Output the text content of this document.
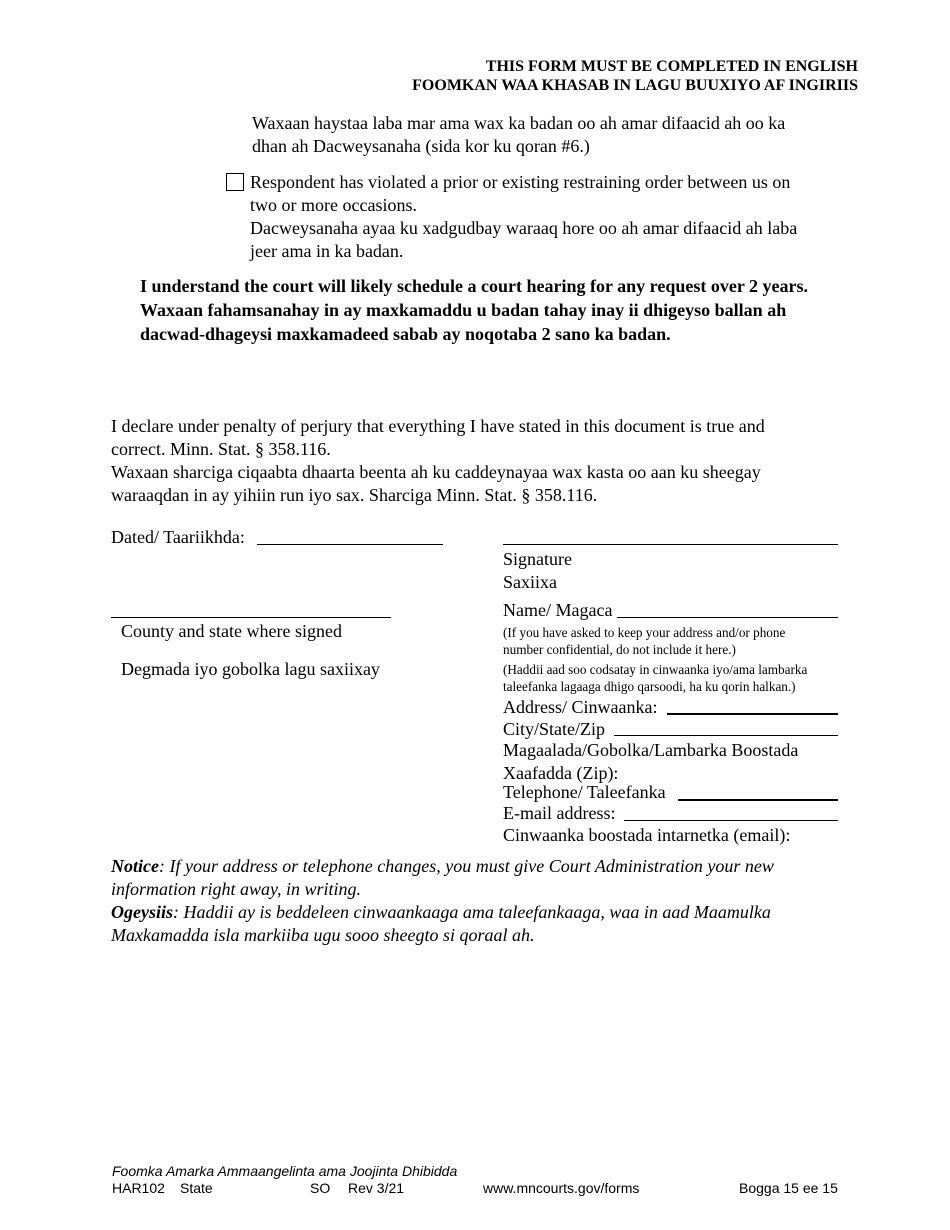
THIS FORM MUST BE COMPLETED IN ENGLISH
FOOMKAN WAA KHASAB IN LAGU BUUXIYO AF INGIRIIS
Waxaan haystaa laba mar ama wax ka badan oo ah amar difaacid ah oo ka
dhan ah Dacweysanaha (sida kor ku qoran #6.)
Respondent has violated a prior or existing restraining order between us on
two or more occasions.
Dacweysanaha ayaa ku xadgudbay waraaq hore oo ah amar difaacid ah laba
jeer ama in ka badan.
I understand the court will likely schedule a court hearing for any request over 2 years.
Waxaan fahamsanahay in ay maxkamaddu u badan tahay inay ii dhigeyso ballan ah
dacwad-dhageysi maxkamadeed sabab ay noqotaba 2 sano ka badan.
I declare under penalty of perjury that everything I have stated in this document is true and
correct. Minn. Stat. § 358.116.
Waxaan sharciga ciqaabta dhaarta beenta ah ku caddeynayaa wax kasta oo aan ku sheegay
waraaqdan in ay yihiin run iyo sax. Sharciga Minn. Stat. § 358.116.
Dated/ Taariikhda:
Signature
Saxiixa
County and state where signed
Degmada iyo gobolka lagu saxiixay
Name/ Magaca
(If you have asked to keep your address and/or phone
number confidential, do not include it here.)
(Haddii aad soo codsatay in cinwaanka iyo/ama lambarka
taleefanka lagaaga dhigo qarsoodi, ha ku qorin halkan.)
Address/ Cinwaanka:
City/State/Zip
Magaalada/Gobolka/Lambarka Boostada
Xaafadda (Zip):
Telephone/ Taleefanka
E-mail address:
Cinwaanka boostada intarnetka (email):
Notice: If your address or telephone changes, you must give Court Administration your new
information right away, in writing.
Ogeysiis: Haddii ay is beddeleen cinwaankaaga ama taleefankaaga, waa in aad Maamulka
Maxkamadda isla markiiba ugu sooo sheegto si qoraal ah.
Foomka Amarka Ammaangelinta ama Joojinta Dhibidda
HAR102 State	SO Rev 3/21	www.mncourts.gov/forms	Bogga 15 ee 15
